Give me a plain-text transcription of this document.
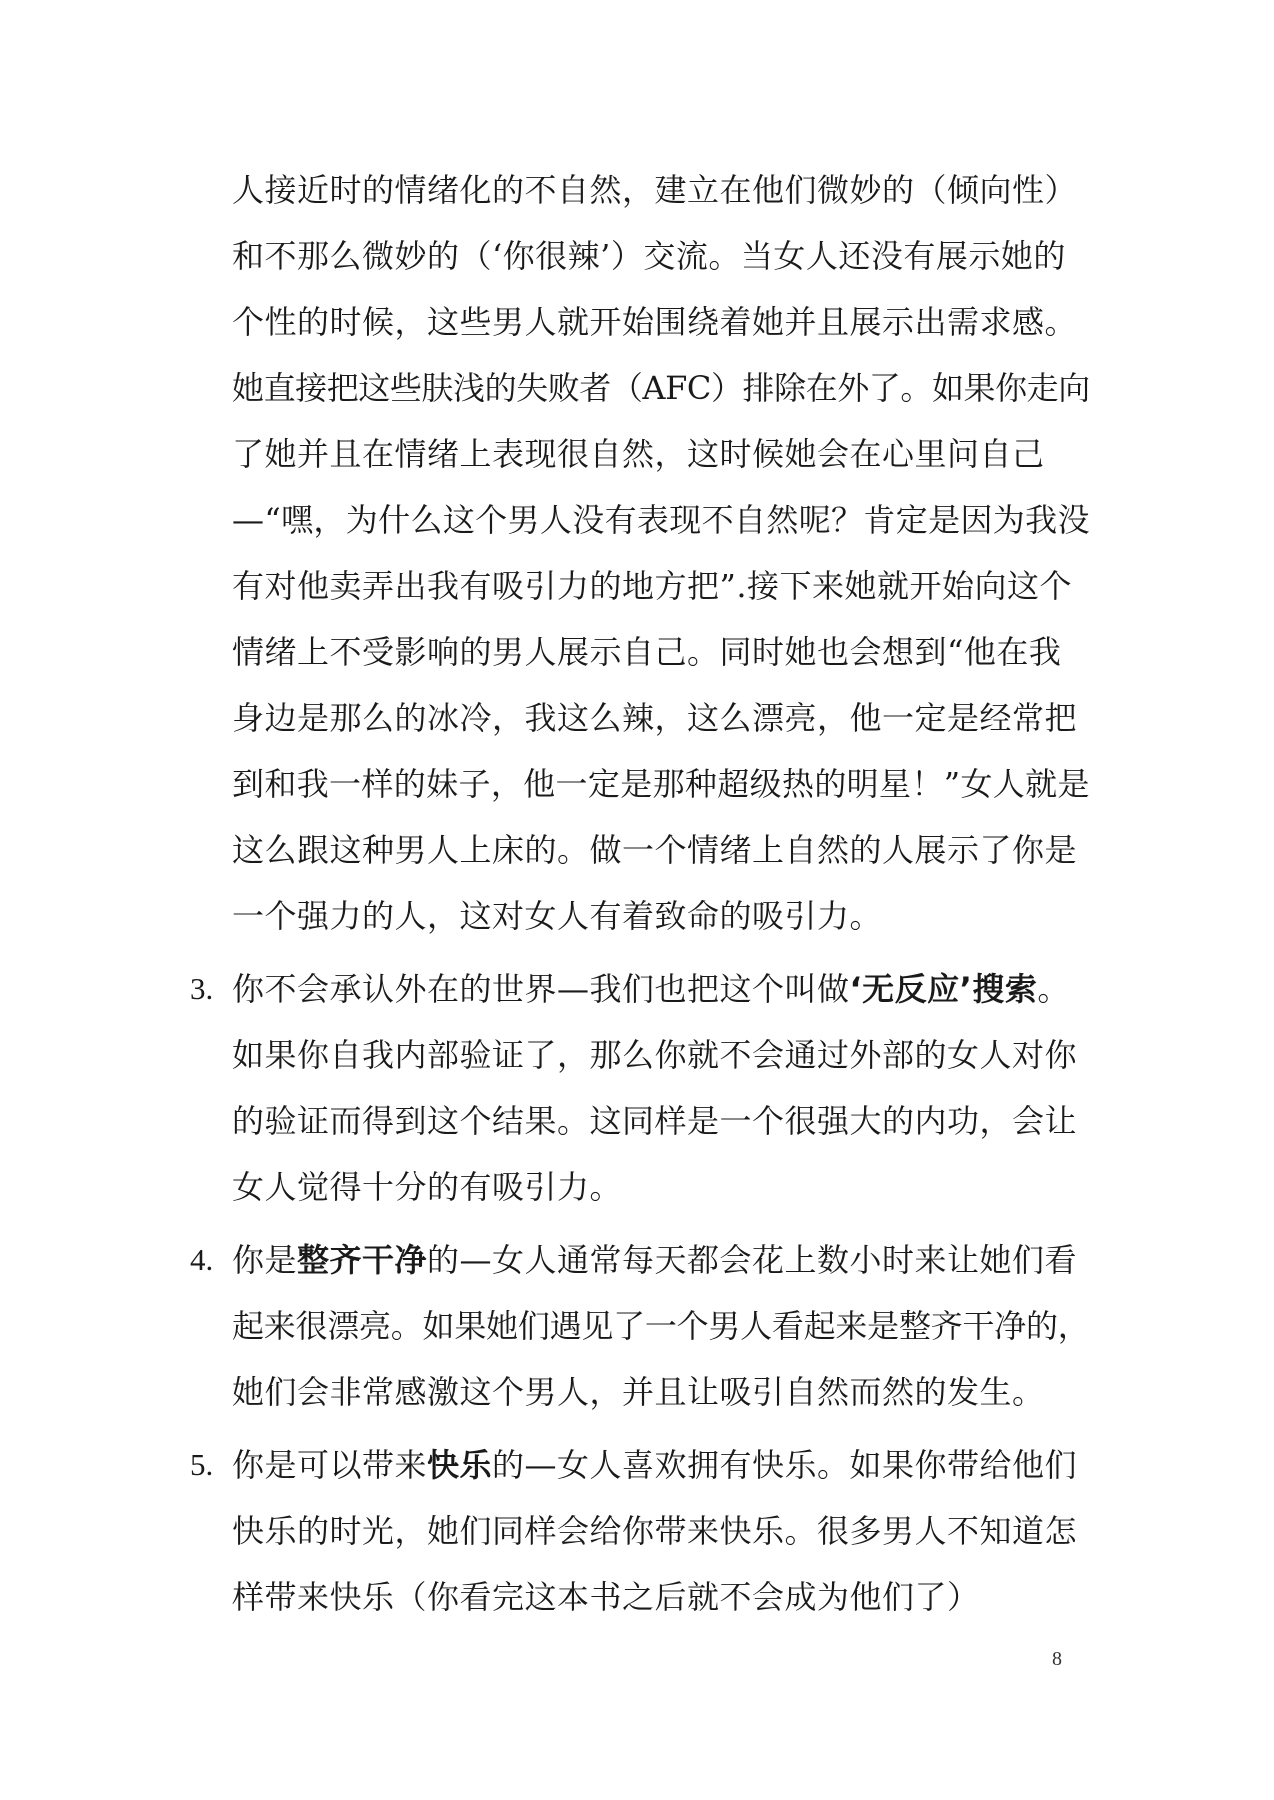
人接近时的情绪化的不自然，建立在他们微妙的（倾向性）
和不那么微妙的（‘你很辣’）交流。当女人还没有展示她的
个性的时候，这些男人就开始围绕着她并且展示出需求感。
她直接把这些肤浅的失败者（AFC）排除在外了。如果你走向
了她并且在情绪上表现很自然，这时候她会在心里问自己
—“嘿，为什么这个男人没有表现不自然呢？肯定是因为我没
有对他卖弄出我有吸引力的地方把”.接下来她就开始向这个
情绪上不受影响的男人展示自己。同时她也会想到“他在我
身边是那么的冰冷，我这么辣，这么漂亮，他一定是经常把
到和我一样的妹子，他一定是那种超级热的明星！”女人就是
这么跟这种男人上床的。做一个情绪上自然的人展示了你是
一个强力的人，这对女人有着致命的吸引力。
3. 你不会承认外在的世界—我们也把这个叫做‘无反应’搜索。
如果你自我内部验证了，那么你就不会通过外部的女人对你
的验证而得到这个结果。这同样是一个很强大的内功，会让
女人觉得十分的有吸引力。
4. 你是整齐干净的—女人通常每天都会花上数小时来让她们看
起来很漂亮。如果她们遇见了一个男人看起来是整齐干净的，
她们会非常感激这个男人，并且让吸引自然而然的发生。
5. 你是可以带来快乐的—女人喜欢拥有快乐。如果你带给他们
快乐的时光，她们同样会给你带来快乐。很多男人不知道怎
样带来快乐（你看完这本书之后就不会成为他们了）
8
